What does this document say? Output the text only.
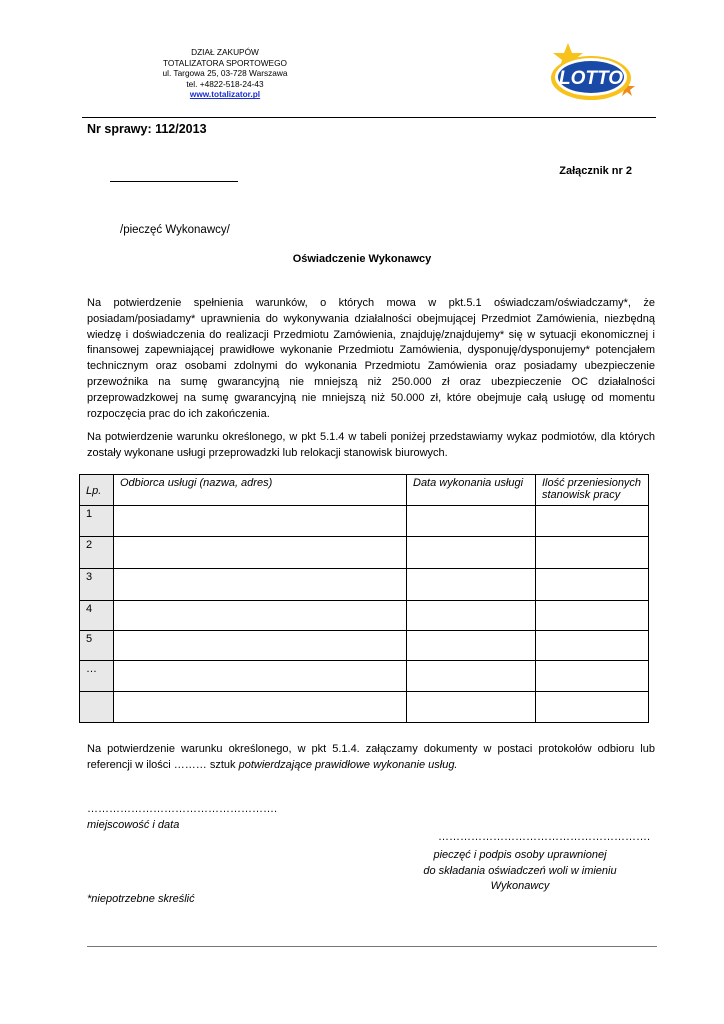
DZIAŁ ZAKUPÓW
TOTALIZATORA SPORTOWEGO
ul. Targowa 25, 03-728 Warszawa
tel. +4822-518-24-43
www.totalizator.pl
LOTTO
Nr sprawy: 112/2013
Załącznik nr 2
/pieczęć Wykonawcy/
Oświadczenie Wykonawcy
Na potwierdzenie spełnienia warunków, o których mowa w pkt.5.1 oświadczam/oświadczamy*, że posiadam/posiadamy* uprawnienia do wykonywania działalności obejmującej Przedmiot Zamówienia, niezbędną wiedzę i doświadczenia do realizacji Przedmiotu Zamówienia, znajduję/znajdujemy* się w sytuacji ekonomicznej i finansowej zapewniającej prawidłowe wykonanie Przedmiotu Zamówienia, dysponuję/dysponujemy* potencjałem technicznym oraz osobami zdolnymi do wykonania Przedmiotu Zamówienia oraz posiadamy ubezpieczenie przewoźnika na sumę gwarancyjną nie mniejszą niż 250.000 zł oraz ubezpieczenie OC działalności przeprowadzkowej na sumę gwarancyjną nie mniejszą niż 50.000 zł, które obejmuje całą usługę od momentu rozpoczęcia prac do ich zakończenia.
Na potwierdzenie warunku określonego, w pkt 5.1.4 w tabeli poniżej przedstawiamy wykaz podmiotów, dla których zostały wykonane usługi przeprowadzki lub relokacji stanowisk biurowych.
Lp.	Odbiorca usługi (nazwa, adres)	Data wykonania usługi	Ilość przeniesionych stanowisk pracy
1			
2			
3			
4			
5			
…			

Na potwierdzenie warunku określonego, w pkt 5.1.4. załączamy dokumenty w postaci protokołów odbioru lub referencji w ilości ……… sztuk potwierdzające prawidłowe wykonanie usług.
…………………………………………….
miejscowość i data
………………………………………………….
pieczęć i podpis osoby uprawnionej
do składania oświadczeń woli w imieniu
Wykonawcy
*niepotrzebne skreślić
